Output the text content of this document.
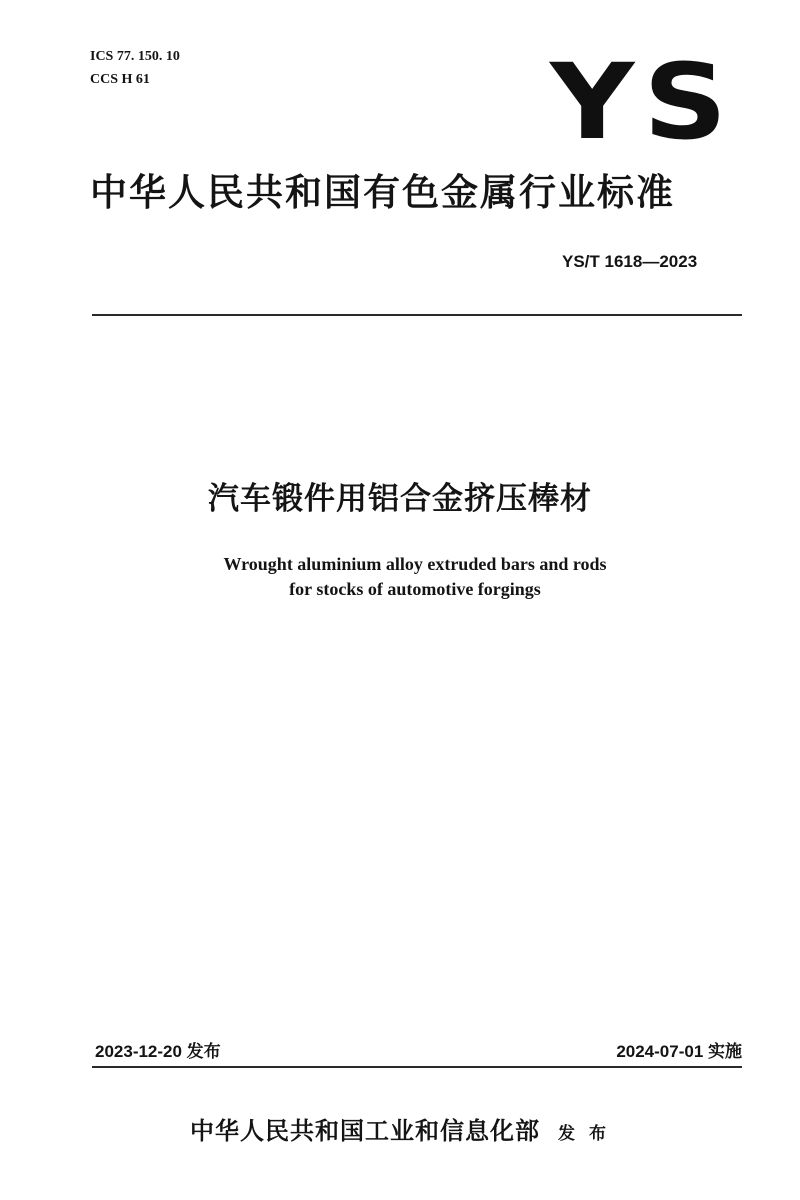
ICS 77. 150. 10
CCS H 61	YS
中华人民共和国有色金属行业标准
YS/T 1618—2023
汽车锻件用铝合金挤压棒材
Wrought aluminium alloy extruded bars and rods
for stocks of automotive forgings
2023-12-20 发布	2024-07-01 实施
中华人民共和国工业和信息化部 发 布
